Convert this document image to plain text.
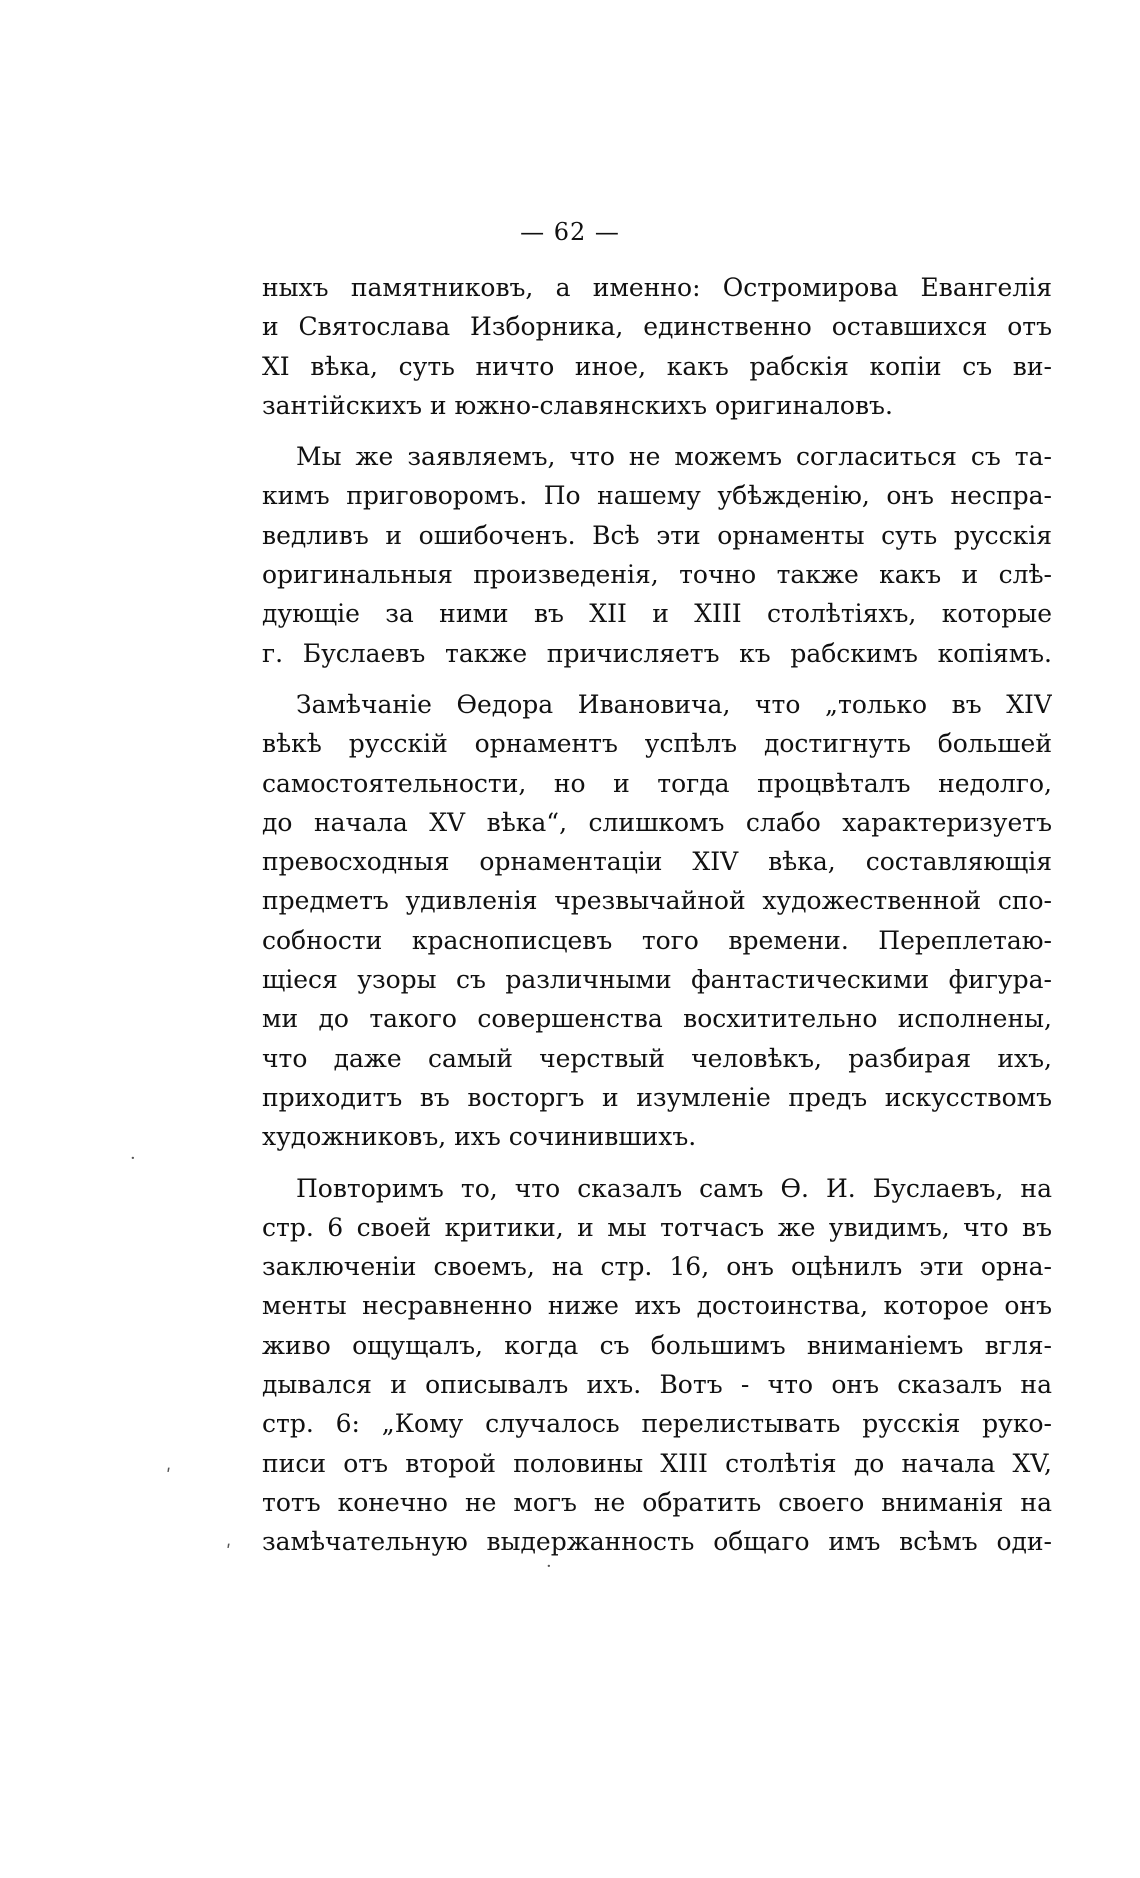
— 62 —
ныхъ памятниковъ, а именно: Остромирова Евангелія
и Святослава Изборника, единственно оставшихся отъ
XI вѣка, суть ничто иное, какъ рабскія копіи съ ви-
зантійскихъ и южно-славянскихъ оригиналовъ.
Мы же заявляемъ, что не можемъ согласиться съ та-
кимъ приговоромъ. По нашему убѣжденію, онъ неспра-
ведливъ и ошибоченъ. Всѣ эти орнаменты суть русскія
оригинальныя произведенія, точно также какъ и слѣ-
дующіе за ними въ XII и XIII столѣтіяхъ, которые
г. Буслаевъ также причисляетъ къ рабскимъ копіямъ.
Замѣчаніе Ѳедора Ивановича, что „только въ XIV
вѣкѣ русскій орнаментъ успѣлъ достигнуть большей
самостоятельности, но и тогда процвѣталъ недолго,
до начала XV вѣка“, слишкомъ слабо характеризуетъ
превосходныя орнаментаціи XIV вѣка, составляющія
предметъ удивленія чрезвычайной художественной спо-
собности краснописцевъ того времени. Переплетаю-
щіеся узоры съ различными фантастическими фигура-
ми до такого совершенства восхитительно исполнены,
что даже самый черствый человѣкъ, разбирая ихъ,
приходитъ въ восторгъ и изумленіе предъ искусствомъ
художниковъ, ихъ сочинившихъ.
Повторимъ то, что сказалъ самъ Ѳ. И. Буслаевъ, на
стр. 6 своей критики, и мы тотчасъ же увидимъ, что въ
заключеніи своемъ, на стр. 16, онъ оцѣнилъ эти орна-
менты несравненно ниже ихъ достоинства, которое онъ
живо ощущалъ, когда съ большимъ вниманіемъ вгля-
дывался и описывалъ ихъ. Вотъ - что онъ сказалъ на
стр. 6: „Кому случалось перелистывать русскія руко-
писи отъ второй половины XIII столѣтія до начала XV,
тотъ конечно не могъ не обратить своего вниманія на
замѣчательную выдержанность общаго имъ всѣмъ оди-
·
ʹ
ʹ
·
